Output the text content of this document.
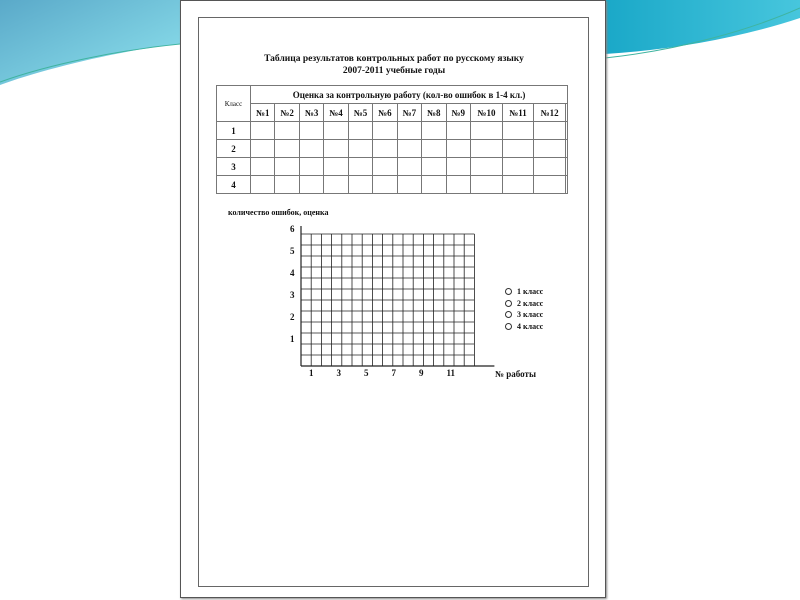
Таблица результатов контрольных работ по русскому языку
2007-2011 учебные годы
Класс	Оценка за контрольную работу (кол-во ошибок в 1-4 кл.)												
	№1	№2	№3	№4	№5	№6	№7	№8	№9	№10	№11	№12	
1													
2													
3													
4													
количество ошибок, оценка
1
2
3
4
5
6
1	3	5	7	9	11
1 класс
2 класс
3 класс
4 класс
№ работы
